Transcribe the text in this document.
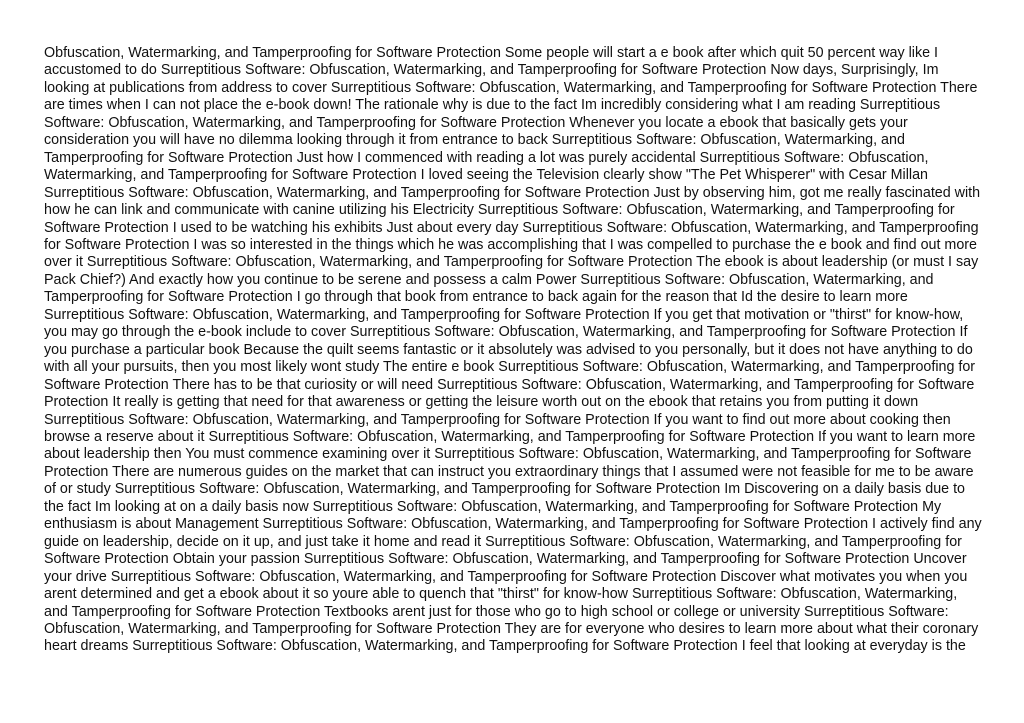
Obfuscation, Watermarking, and Tamperproofing for Software Protection Some people will start a e book after which quit 50 percent way like I accustomed to do Surreptitious Software: Obfuscation, Watermarking, and Tamperproofing for Software Protection Now days, Surprisingly, Im looking at publications from address to cover Surreptitious Software: Obfuscation, Watermarking, and Tamperproofing for Software Protection There are times when I can not place the e-book down! The rationale why is due to the fact Im incredibly considering what I am reading Surreptitious Software: Obfuscation, Watermarking, and Tamperproofing for Software Protection Whenever you locate a ebook that basically gets your consideration you will have no dilemma looking through it from entrance to back Surreptitious Software: Obfuscation, Watermarking, and Tamperproofing for Software Protection Just how I commenced with reading a lot was purely accidental Surreptitious Software: Obfuscation, Watermarking, and Tamperproofing for Software Protection I loved seeing the Television clearly show "The Pet Whisperer" with Cesar Millan Surreptitious Software: Obfuscation, Watermarking, and Tamperproofing for Software Protection Just by observing him, got me really fascinated with how he can link and communicate with canine utilizing his Electricity Surreptitious Software: Obfuscation, Watermarking, and Tamperproofing for Software Protection I used to be watching his exhibits Just about every day Surreptitious Software: Obfuscation, Watermarking, and Tamperproofing for Software Protection I was so interested in the things which he was accomplishing that I was compelled to purchase the e book and find out more over it Surreptitious Software: Obfuscation, Watermarking, and Tamperproofing for Software Protection The ebook is about leadership (or must I say Pack Chief?) And exactly how you continue to be serene and possess a calm Power Surreptitious Software: Obfuscation, Watermarking, and Tamperproofing for Software Protection I go through that book from entrance to back again for the reason that Id the desire to learn more Surreptitious Software: Obfuscation, Watermarking, and Tamperproofing for Software Protection If you get that motivation or "thirst" for know-how, you may go through the e-book include to cover Surreptitious Software: Obfuscation, Watermarking, and Tamperproofing for Software Protection If you purchase a particular book Because the quilt seems fantastic or it absolutely was advised to you personally, but it does not have anything to do with all your pursuits, then you most likely wont study The entire e book Surreptitious Software: Obfuscation, Watermarking, and Tamperproofing for Software Protection There has to be that curiosity or will need Surreptitious Software: Obfuscation, Watermarking, and Tamperproofing for Software Protection It really is getting that need for that awareness or getting the leisure worth out on the ebook that retains you from putting it down Surreptitious Software: Obfuscation, Watermarking, and Tamperproofing for Software Protection If you want to find out more about cooking then browse a reserve about it Surreptitious Software: Obfuscation, Watermarking, and Tamperproofing for Software Protection If you want to learn more about leadership then You must commence examining over it Surreptitious Software: Obfuscation, Watermarking, and Tamperproofing for Software Protection There are numerous guides on the market that can instruct you extraordinary things that I assumed were not feasible for me to be aware of or study Surreptitious Software: Obfuscation, Watermarking, and Tamperproofing for Software Protection Im Discovering on a daily basis due to the fact Im looking at on a daily basis now Surreptitious Software: Obfuscation, Watermarking, and Tamperproofing for Software Protection My enthusiasm is about Management Surreptitious Software: Obfuscation, Watermarking, and Tamperproofing for Software Protection I actively find any guide on leadership, decide on it up, and just take it home and read it Surreptitious Software: Obfuscation, Watermarking, and Tamperproofing for Software Protection Obtain your passion Surreptitious Software: Obfuscation, Watermarking, and Tamperproofing for Software Protection Uncover your drive Surreptitious Software: Obfuscation, Watermarking, and Tamperproofing for Software Protection Discover what motivates you when you arent determined and get a ebook about it so youre able to quench that "thirst" for know-how Surreptitious Software: Obfuscation, Watermarking, and Tamperproofing for Software Protection Textbooks arent just for those who go to high school or college or university Surreptitious Software: Obfuscation, Watermarking, and Tamperproofing for Software Protection They are for everyone who desires to learn more about what their coronary heart dreams Surreptitious Software: Obfuscation, Watermarking, and Tamperproofing for Software Protection I feel that looking at everyday is the
